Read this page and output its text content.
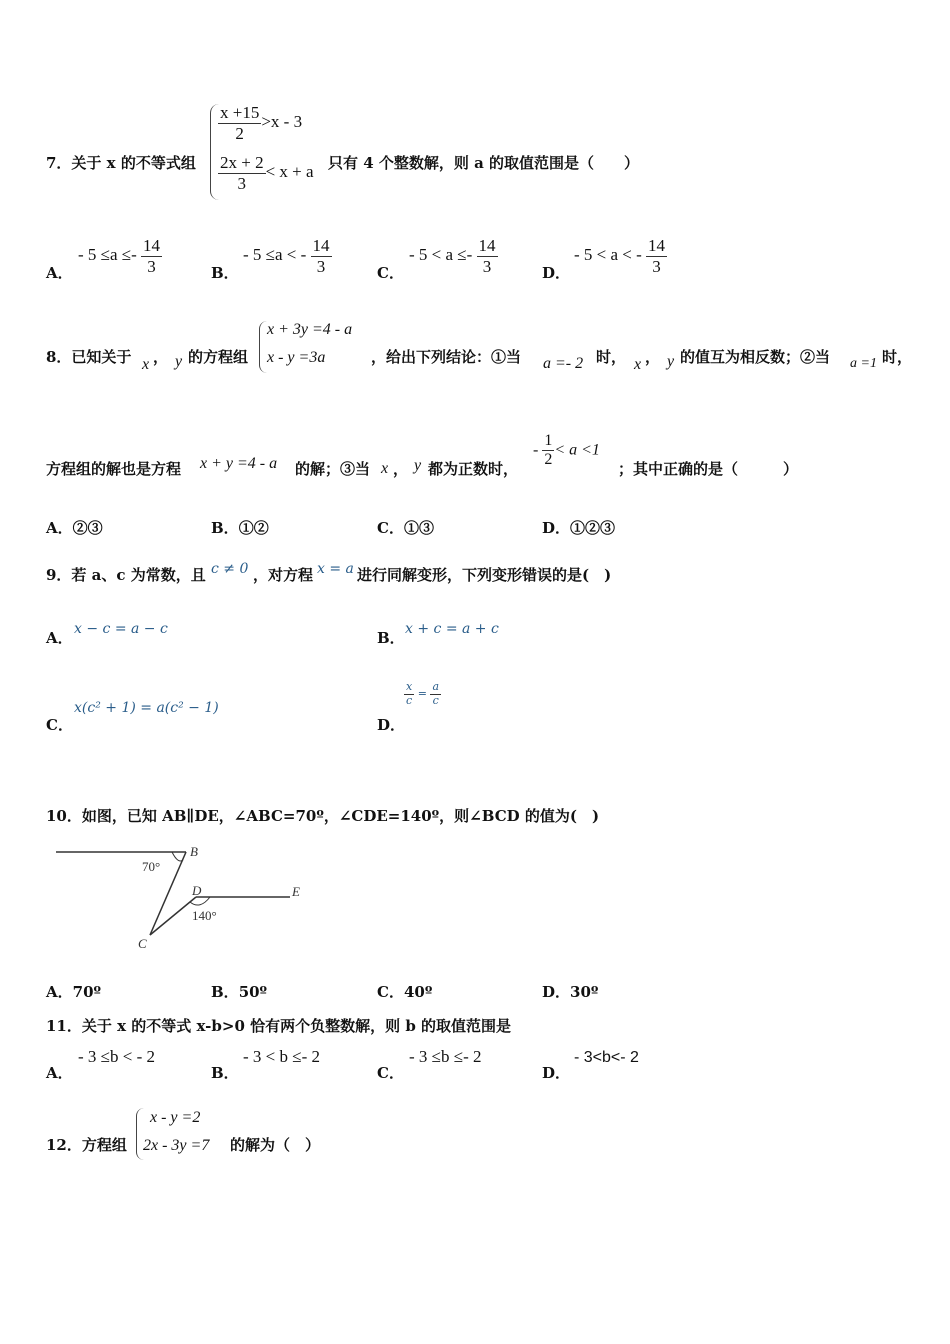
7．关于 x 的不等式组
$\frac{x +15}{2} >x - 3$
$\frac{2x + 2}{3} < x + a$ 只有 4 个整数解，则 a 的取值范围是（　　）
A．
- $5 \le a \le- \frac{14}{3}$	B．
- 5 ≤a < - $\frac{14}{3}$	C．
- $5 < a \le- \frac{14}{3}$	D．
- 5 < a < - $\frac{14}{3}$
8．已知关于 x ， y 的方程组
x + 3y =4 - a
x - y =3a	，给出下列结论：①当 a =- 2 时， x ， y 的值互为相反数；②当 a =1 时，
方程组的解也是方程 x + y =4 - a 的解；③当 x ， y 都为正数时，
- $\frac{1}{2} < a <1$
；其中正确的是（　　　）
A．②③	B．①②	C．①③	D．①②③
9．若 a、c 为常数，且 c ≠ 0 ，对方程 x = a 进行同解变形，下列变形错误的是(　)
A． x − c = a − c	B． x + c = a + c
C．
x(c² + 1) = a(c² − 1)
D．
$\frac{x}{c} = \frac{a}{c}$
10．如图，已知 AB∥DE，∠ABC=70º，∠CDE=140º，则∠BCD 的值为(　)
B
D	E
C
70°
140°
A．70º	B．50º	C．40º	D．30º
11．关于 x 的不等式 x-b>0 恰有两个负整数解，则 b 的取值范围是
A．
- 3 ≤b < - 2
B．
- 3 < b ≤- 2
C．
- 3 ≤b ≤- 2
D．
- 3<b<- 2
12．方程组
x - y =2
2x - 3y =7 的解为（　）
